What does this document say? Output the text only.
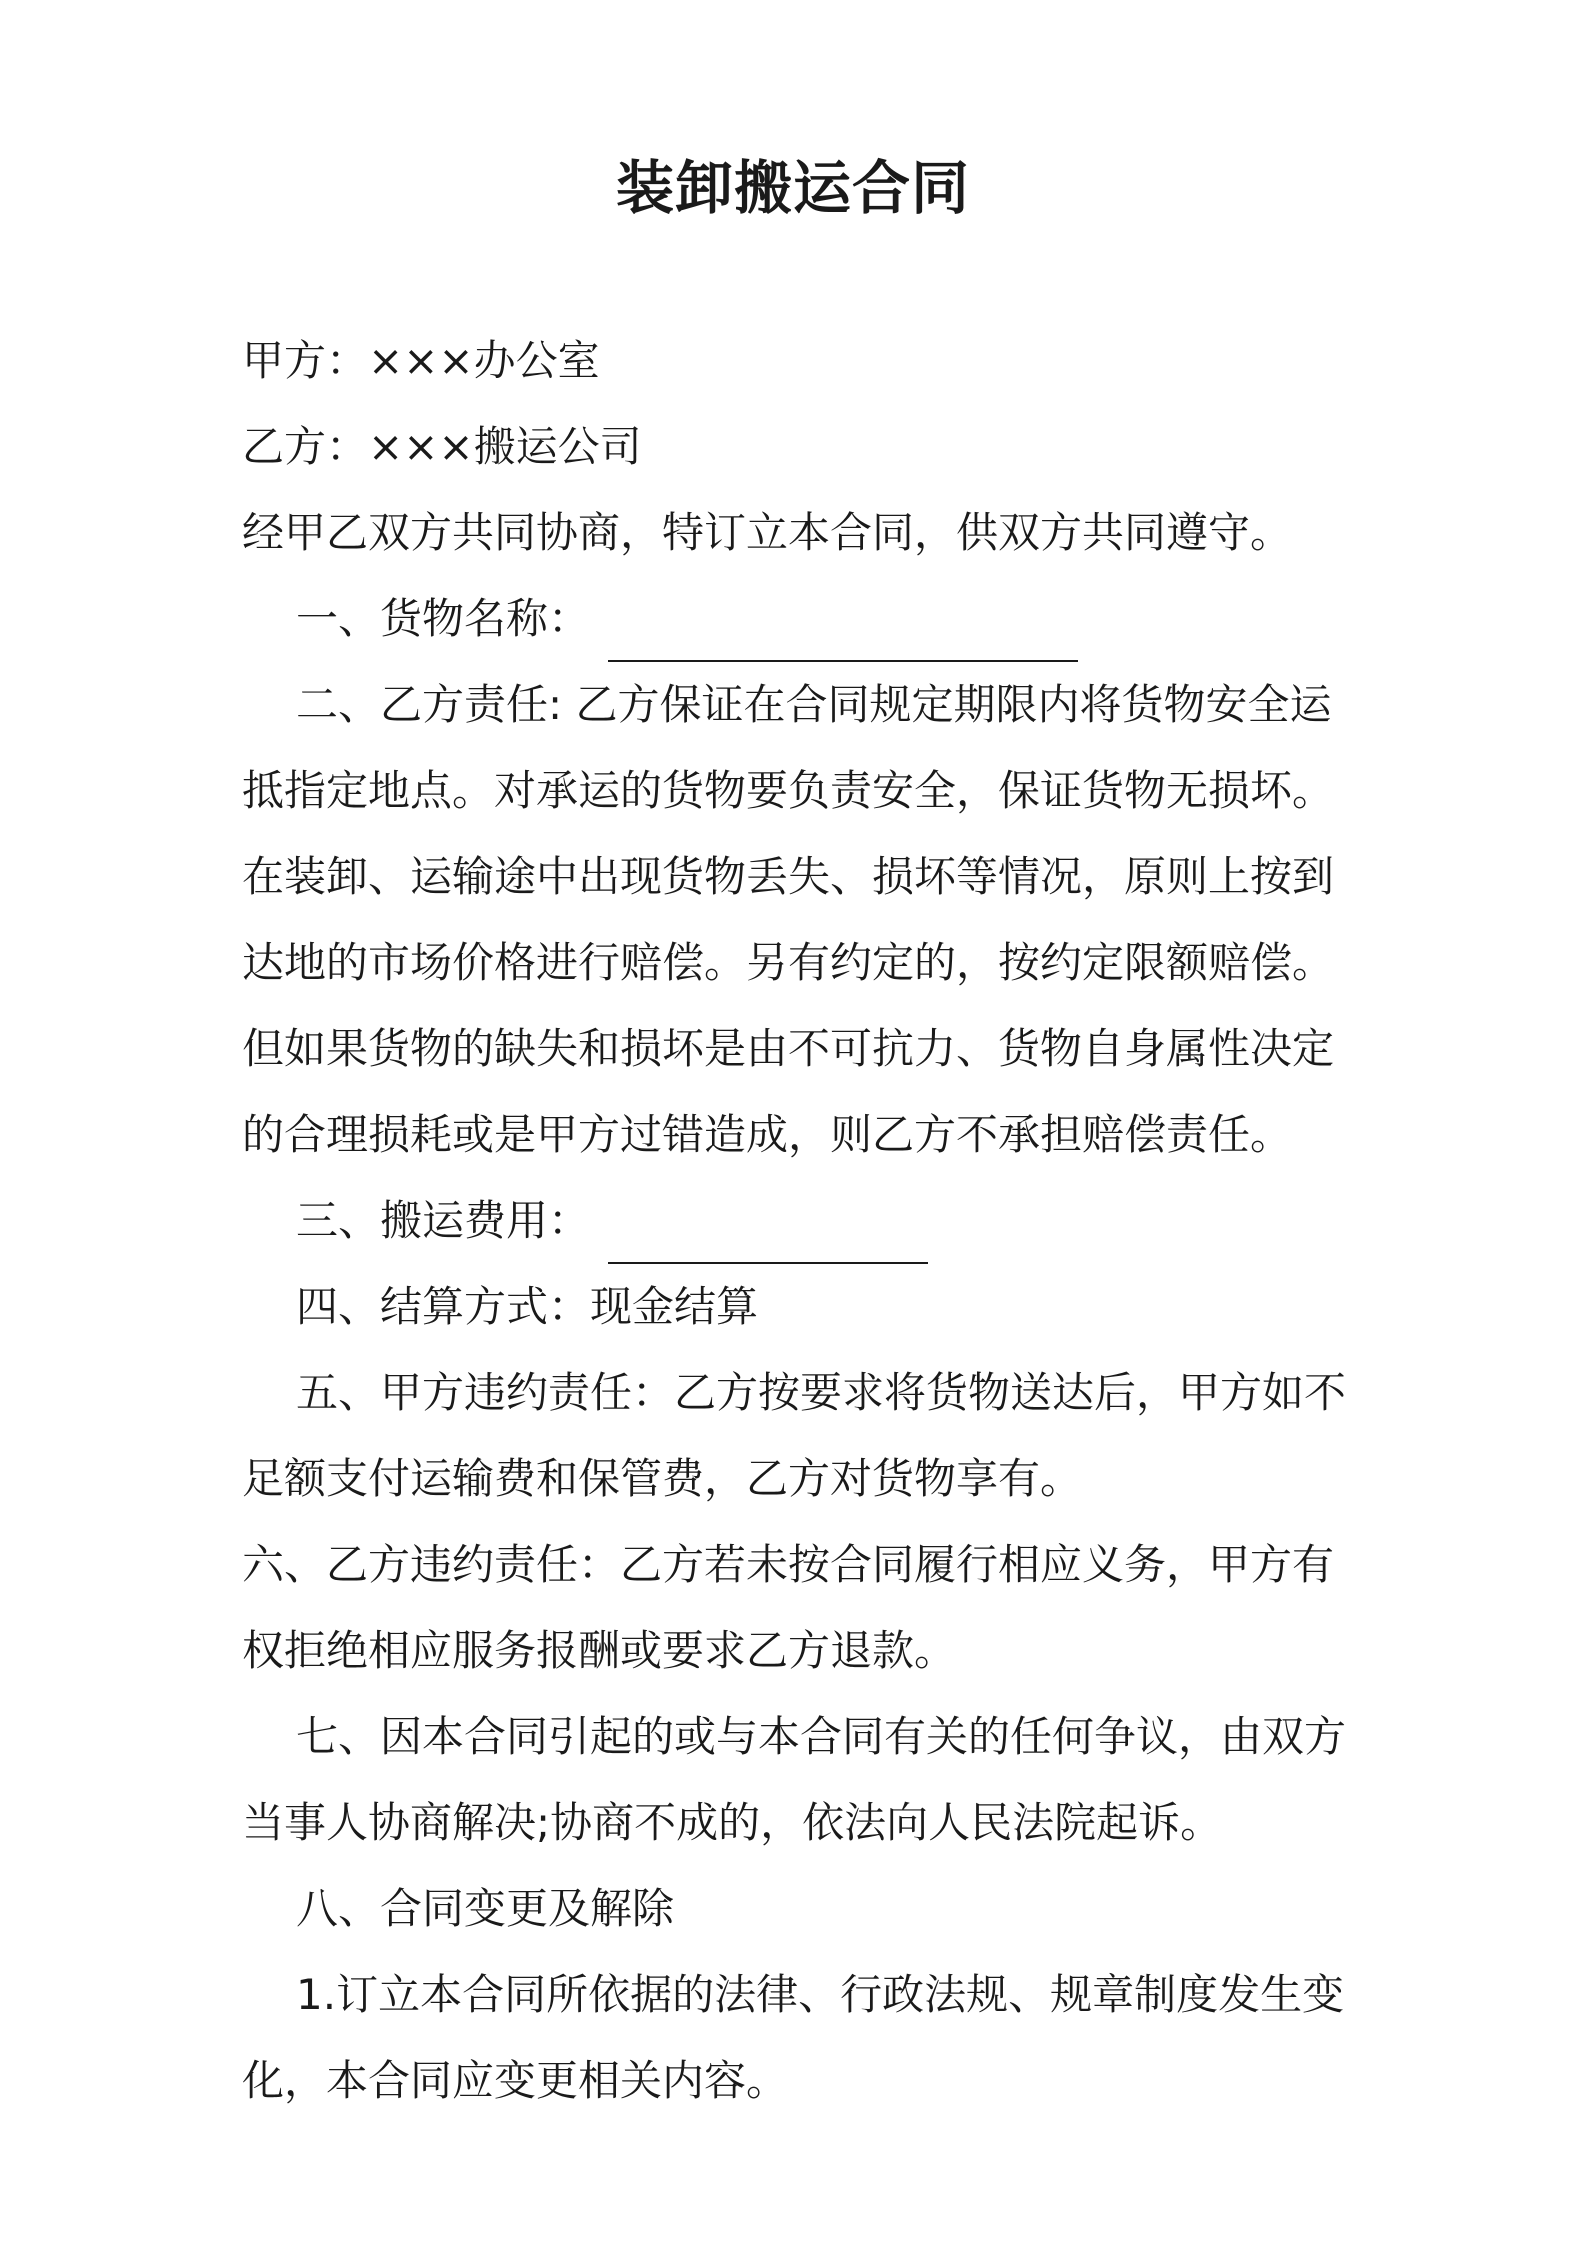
装卸搬运合同

甲方：×××办公室

乙方：×××搬运公司

经甲乙双方共同协商，特订立本合同，供双方共同遵守。

一、货物名称：

二、乙方责任: 乙方保证在合同规定期限内将货物安全运抵指定地点。对承运的货物要负责安全，保证货物无损坏。在装卸、运输途中出现货物丢失、损坏等情况，原则上按到达地的市场价格进行赔偿。另有约定的，按约定限额赔偿。但如果货物的缺失和损坏是由不可抗力、货物自身属性决定的合理损耗或是甲方过错造成，则乙方不承担赔偿责任。

三、搬运费用：

四、结算方式：现金结算

五、甲方违约责任：乙方按要求将货物送达后，甲方如不足额支付运输费和保管费，乙方对货物享有。

六、乙方违约责任：乙方若未按合同履行相应义务，甲方有权拒绝相应服务报酬或要求乙方退款。

七、因本合同引起的或与本合同有关的任何争议，由双方当事人协商解决;协商不成的，依法向人民法院起诉。

八、合同变更及解除

1.订立本合同所依据的法律、行政法规、规章制度发生变化，本合同应变更相关内容。
